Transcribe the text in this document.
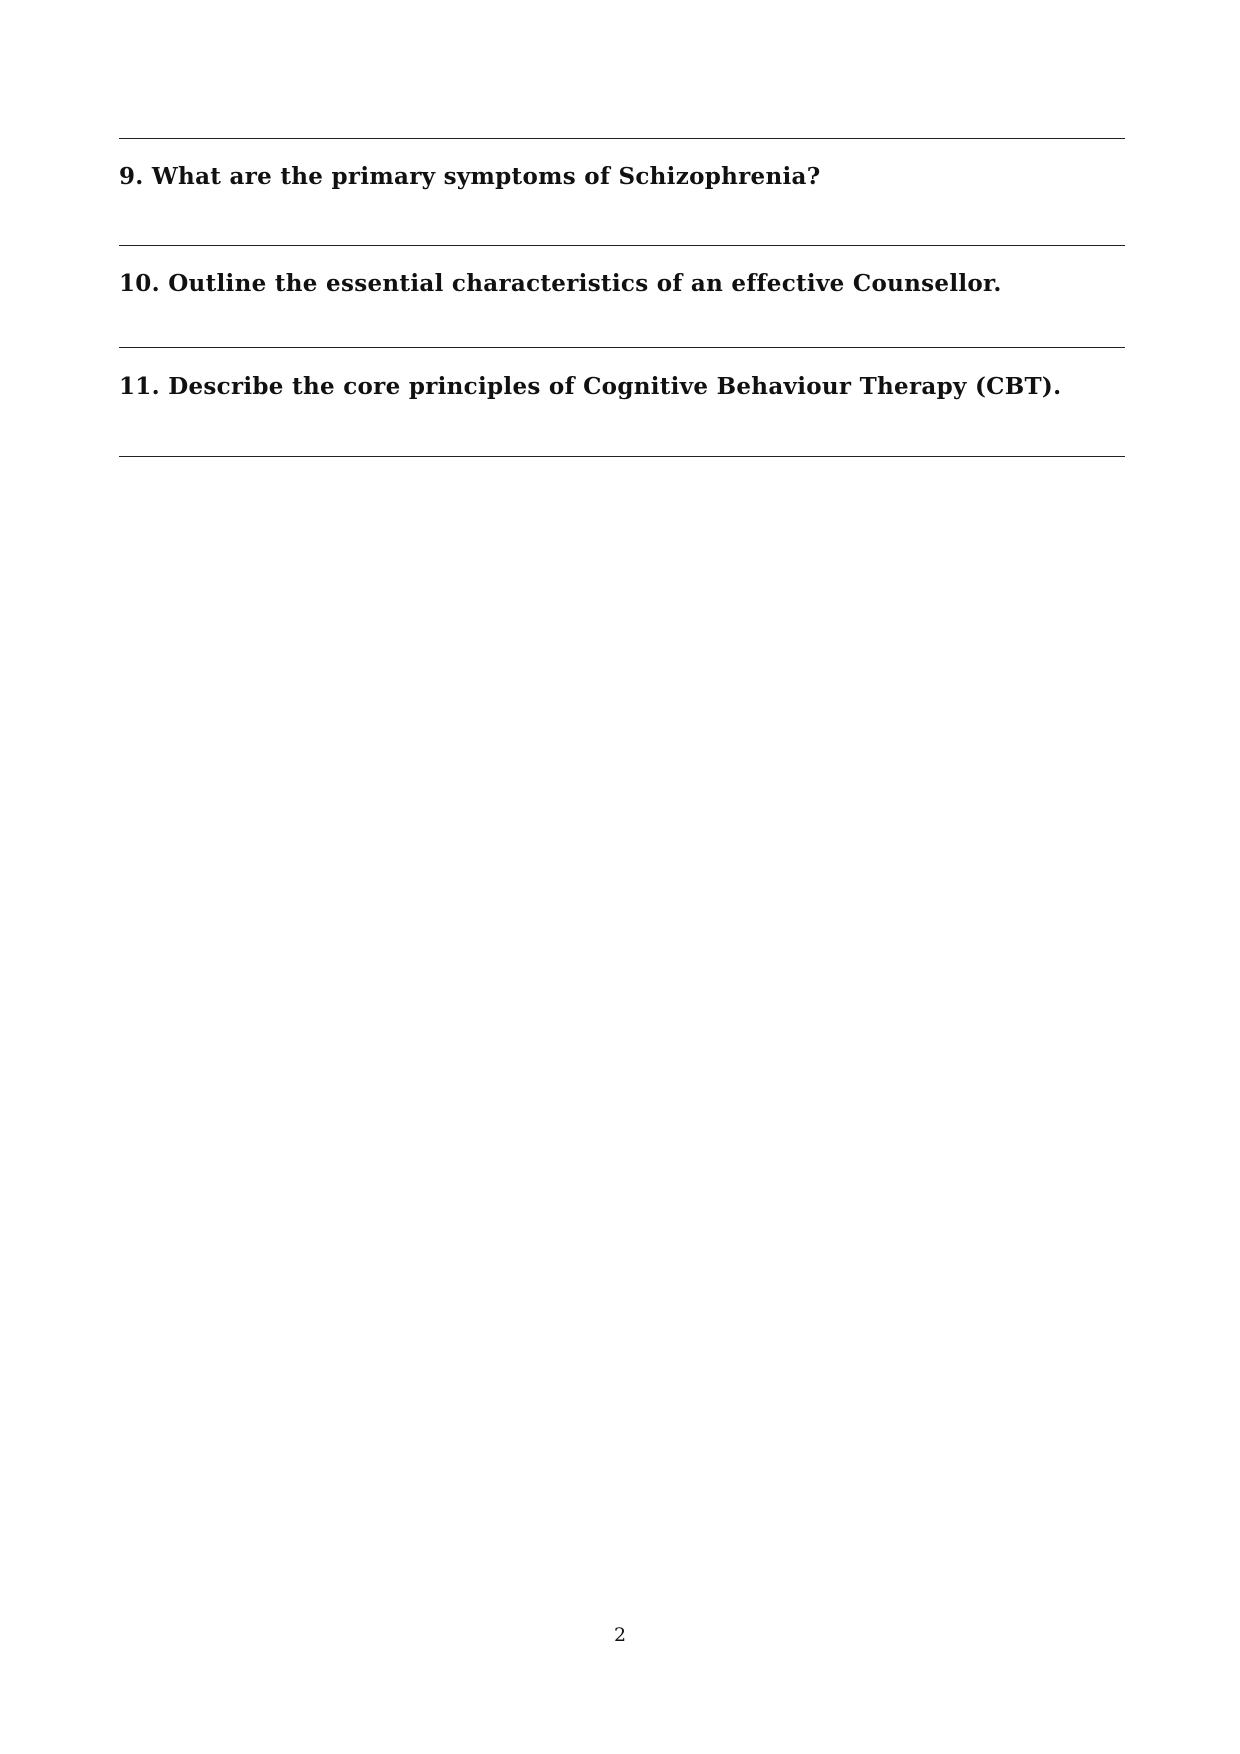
9. What are the primary symptoms of Schizophrenia?
10. Outline the essential characteristics of an effective Counsellor.
11. Describe the core principles of Cognitive Behaviour Therapy (CBT).
2
